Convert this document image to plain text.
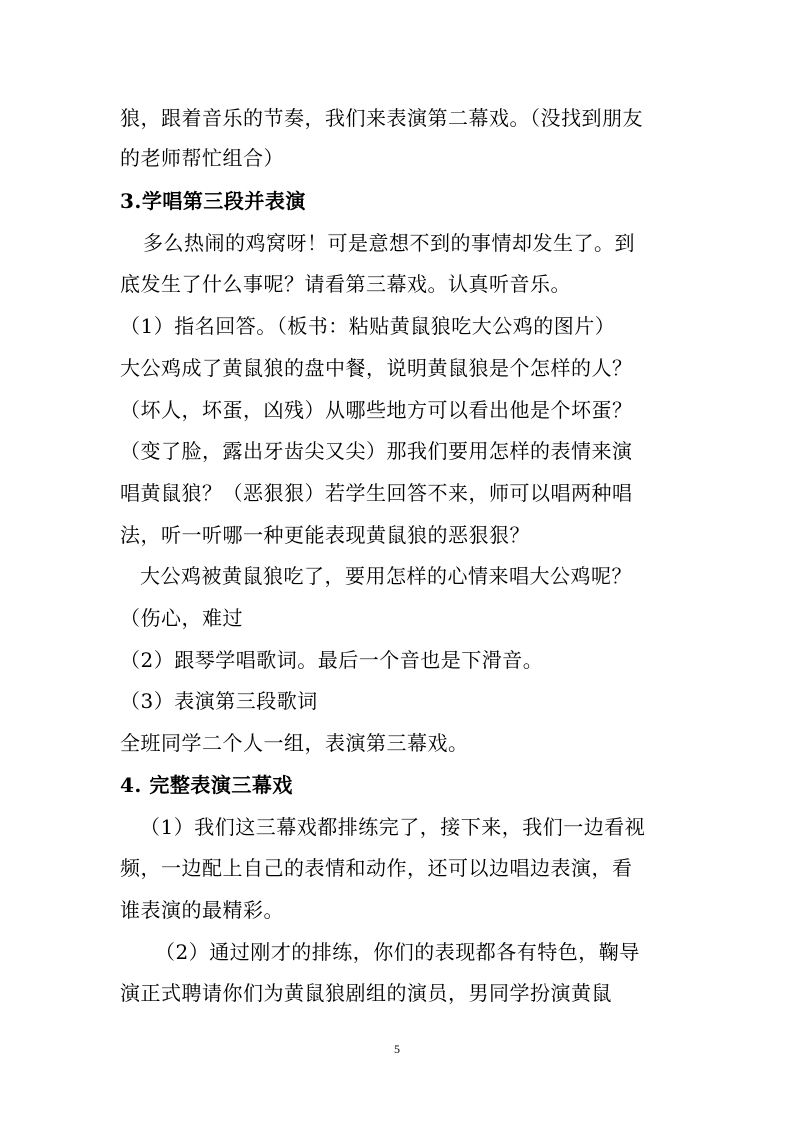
狼，跟着音乐的节奏，我们来表演第二幕戏。（没找到朋友
的老师帮忙组合）
3.学唱第三段并表演
多么热闹的鸡窝呀！可是意想不到的事情却发生了。到
底发生了什么事呢？请看第三幕戏。认真听音乐。
（1）指名回答。（板书：粘贴黄鼠狼吃大公鸡的图片）
大公鸡成了黄鼠狼的盘中餐，说明黄鼠狼是个怎样的人？
（坏人，坏蛋，凶残）从哪些地方可以看出他是个坏蛋？
（变了脸，露出牙齿尖又尖）那我们要用怎样的表情来演
唱黄鼠狼？（恶狠狠）若学生回答不来，师可以唱两种唱
法，听一听哪一种更能表现黄鼠狼的恶狠狠？
大公鸡被黄鼠狼吃了，要用怎样的心情来唱大公鸡呢？
（伤心，难过
（2）跟琴学唱歌词。最后一个音也是下滑音。
（3）表演第三段歌词
全班同学二个人一组，表演第三幕戏。
4. 完整表演三幕戏
（1）我们这三幕戏都排练完了，接下来，我们一边看视
频，一边配上自己的表情和动作，还可以边唱边表演，看
谁表演的最精彩。
（2）通过刚才的排练，你们的表现都各有特色，鞠导
演正式聘请你们为黄鼠狼剧组的演员，男同学扮演黄鼠
5
